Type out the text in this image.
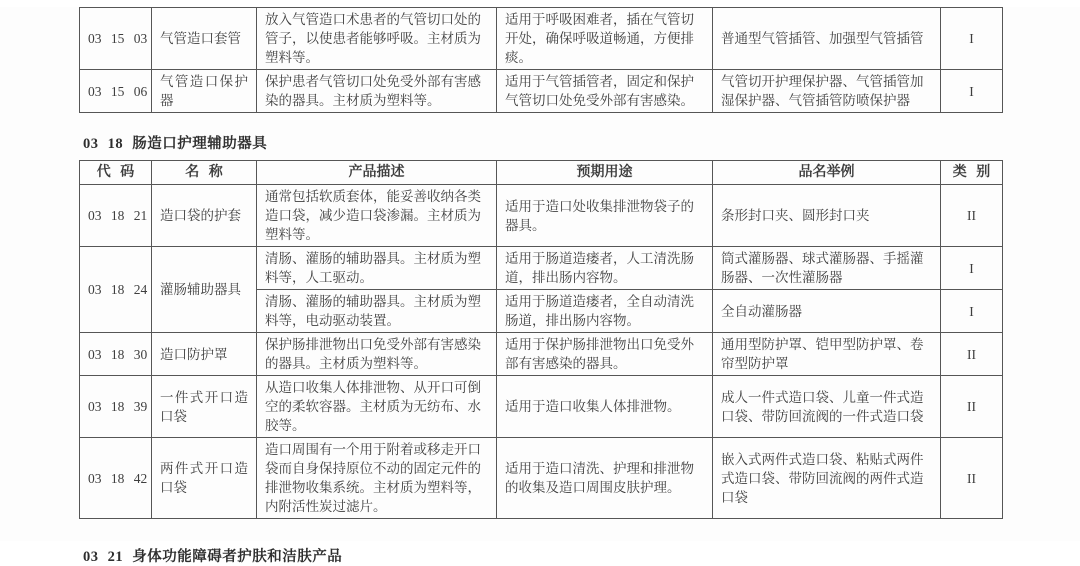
03 15 03	气管造口套管	放入气管造口术患者的气管切口处的管子，以使患者能够呼吸。主材质为塑料等。	适用于呼吸困难者，插在气管切开处，确保呼吸道畅通，方便排痰。	普通型气管插管、加强型气管插管	I
03 15 06	气管造口保护器	保护患者气管切口处免受外部有害感染的器具。主材质为塑料等。	适用于气管插管者，固定和保护气管切口处免受外部有害感染。	气管切开护理保护器、气管插管加湿保护器、气管插管防喷保护器	I
03 18 肠造口护理辅助器具
代 码	名 称	产品描述	预期用途	品名举例	类 别
03 18 21	造口袋的护套	通常包括软质套体，能妥善收纳各类造口袋，减少造口袋渗漏。主材质为塑料等。	适用于造口处收集排泄物袋子的器具。	条形封口夹、圆形封口夹	II
03 18 24	灌肠辅助器具	清肠、灌肠的辅助器具。主材质为塑料等，人工驱动。	适用于肠道造瘘者，人工清洗肠道，排出肠内容物。	筒式灌肠器、球式灌肠器、手摇灌肠器、一次性灌肠器	I
		清肠、灌肠的辅助器具。主材质为塑料等，电动驱动装置。	适用于肠道造瘘者，全自动清洗肠道，排出肠内容物。	全自动灌肠器	I
03 18 30	造口防护罩	保护肠排泄物出口免受外部有害感染的器具。主材质为塑料等。	适用于保护肠排泄物出口免受外部有害感染的器具。	通用型防护罩、铠甲型防护罩、卷帘型防护罩	II
03 18 39	一件式开口造口袋	从造口收集人体排泄物、从开口可倒空的柔软容器。主材质为无纺布、水胶等。	适用于造口收集人体排泄物。	成人一件式造口袋、儿童一件式造口袋、带防回流阀的一件式造口袋	II
03 18 42	两件式开口造口袋	造口周围有一个用于附着或移走开口袋而自身保持原位不动的固定元件的排泄物收集系统。主材质为塑料等，内附活性炭过滤片。	适用于造口清洗、护理和排泄物的收集及造口周围皮肤护理。	嵌入式两件式造口袋、粘贴式两件式造口袋、带防回流阀的两件式造口袋	II
03 21 身体功能障碍者护肤和洁肤产品
